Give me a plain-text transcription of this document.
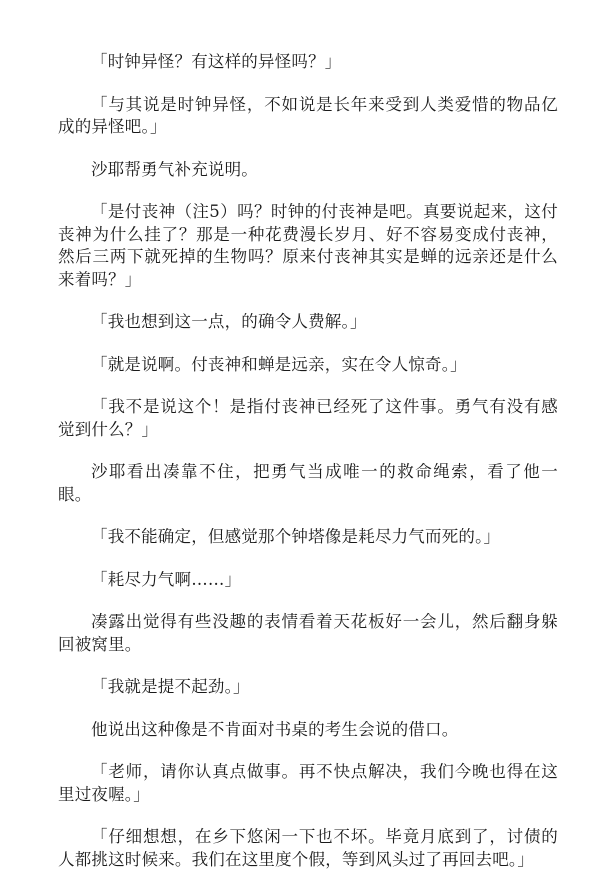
「时钟异怪？有这样的异怪吗？」

「与其说是时钟异怪，不如说是长年来受到人类爱惜的物品亿成的异怪吧。」

沙耶帮勇气补充说明。

「是付丧神（注5）吗？时钟的付丧神是吧。真要说起来，这付丧神为什么挂了？那是一种花费漫长岁月、好不容易变成付丧神，然后三两下就死掉的生物吗？原来付丧神其实是蝉的远亲还是什么来着吗？」

「我也想到这一点，的确令人费解。」

「就是说啊。付丧神和蝉是远亲，实在令人惊奇。」

「我不是说这个！是指付丧神已经死了这件事。勇气有没有感觉到什么？」

沙耶看出凑靠不住，把勇气当成唯一的救命绳索，看了他一眼。

「我不能确定，但感觉那个钟塔像是耗尽力气而死的。」

「耗尽力气啊……」

凑露出觉得有些没趣的表情看着天花板好一会儿，然后翻身躲回被窝里。

「我就是提不起劲。」

他说出这种像是不肯面对书桌的考生会说的借口。

「老师，请你认真点做事。再不快点解决，我们今晚也得在这里过夜喔。」

「仔细想想，在乡下悠闲一下也不坏。毕竟月底到了，讨债的人都挑这时候来。我们在这里度个假，等到风头过了再回去吧。」
